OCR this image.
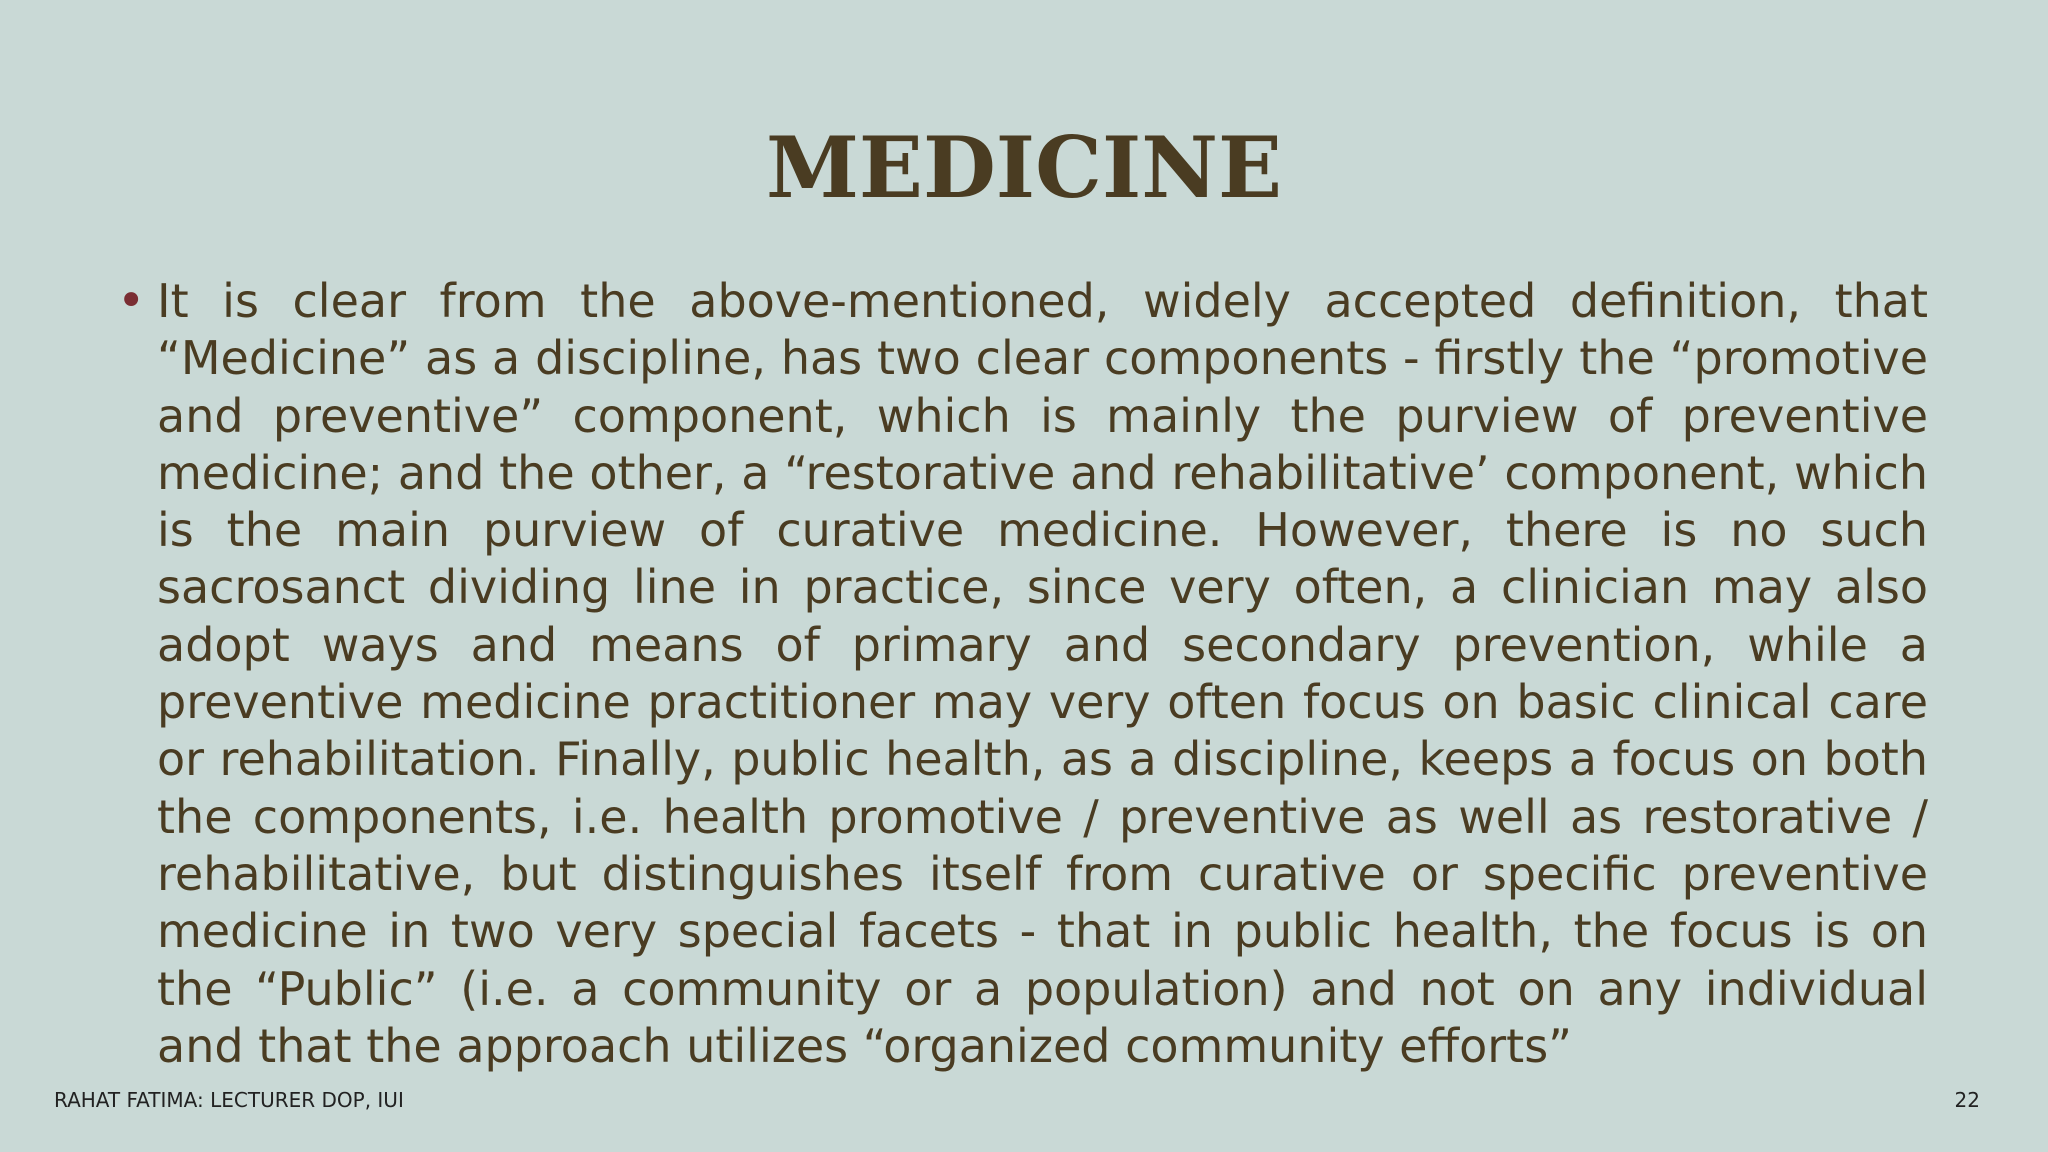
MEDICINE
• It is clear from the above-mentioned, widely accepted definition, that “Medicine” as a discipline, has two clear components - firstly the “promotive and preventive” component, which is mainly the purview of preventive medicine; and the other, a “restorative and rehabilitative’ component, which is the main purview of curative medicine. However, there is no such sacrosanct dividing line in practice, since very often, a clinician may also adopt ways and means of primary and secondary prevention, while a preventive medicine practitioner may very often focus on basic clinical care or rehabilitation. Finally, public health, as a discipline, keeps a focus on both the components, i.e. health promotive / preventive as well as restorative / rehabilitative, but distinguishes itself from curative or specific preventive medicine in two very special facets - that in public health, the focus is on the “Public” (i.e. a community or a population) and not on any individual and that the approach utilizes “organized community efforts”

RAHAT FATIMA: LECTURER DOP, IUI	22
